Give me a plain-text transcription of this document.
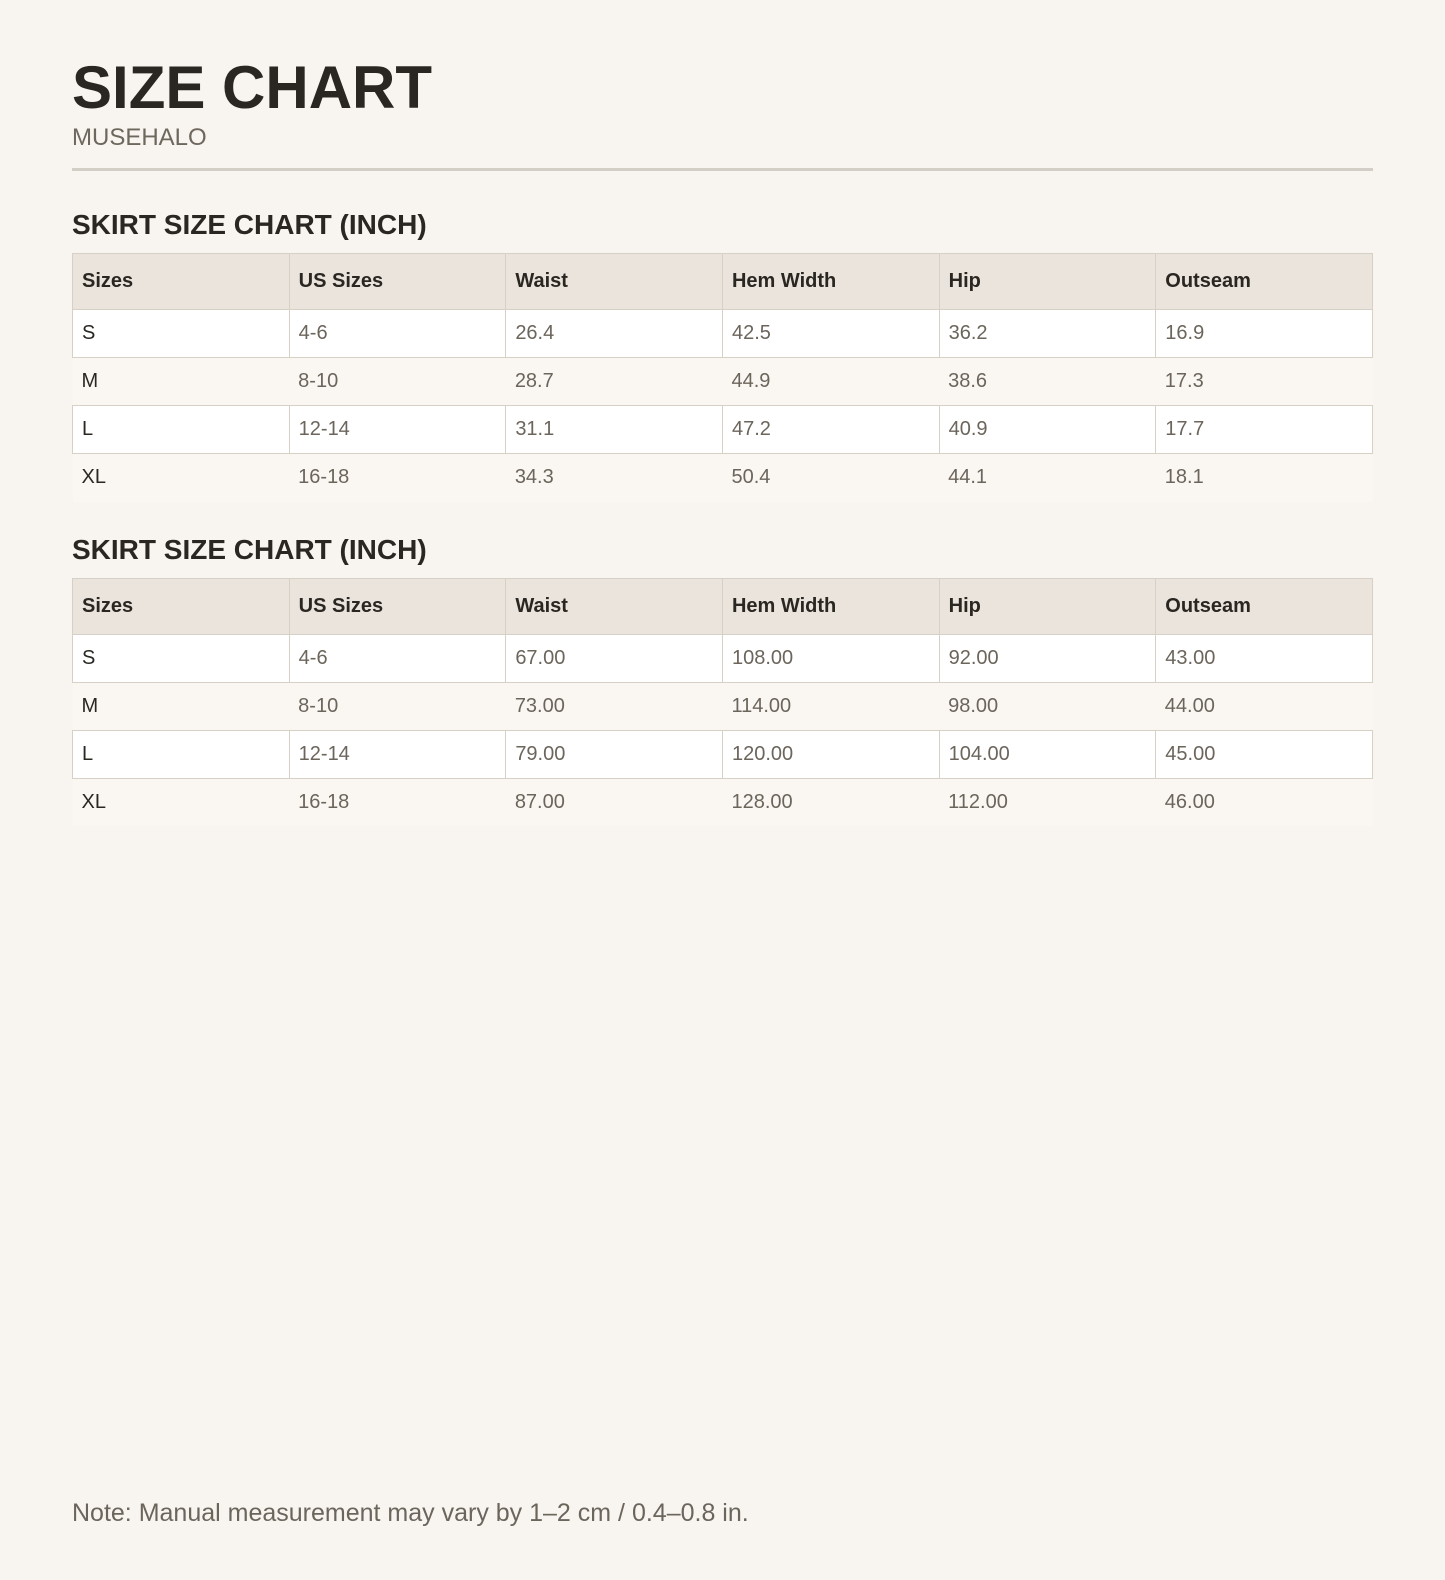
SIZE CHART
MUSEHALO
SKIRT SIZE CHART (INCH)
Sizes	US Sizes	Waist	Hem Width	Hip	Outseam
S	4-6	26.4	42.5	36.2	16.9
M	8-10	28.7	44.9	38.6	17.3
L	12-14	31.1	47.2	40.9	17.7
XL	16-18	34.3	50.4	44.1	18.1
SKIRT SIZE CHART (INCH)
Sizes	US Sizes	Waist	Hem Width	Hip	Outseam
S	4-6	67.00	108.00	92.00	43.00
M	8-10	73.00	114.00	98.00	44.00
L	12-14	79.00	120.00	104.00	45.00
XL	16-18	87.00	128.00	112.00	46.00
Note: Manual measurement may vary by 1–2 cm / 0.4–0.8 in.
